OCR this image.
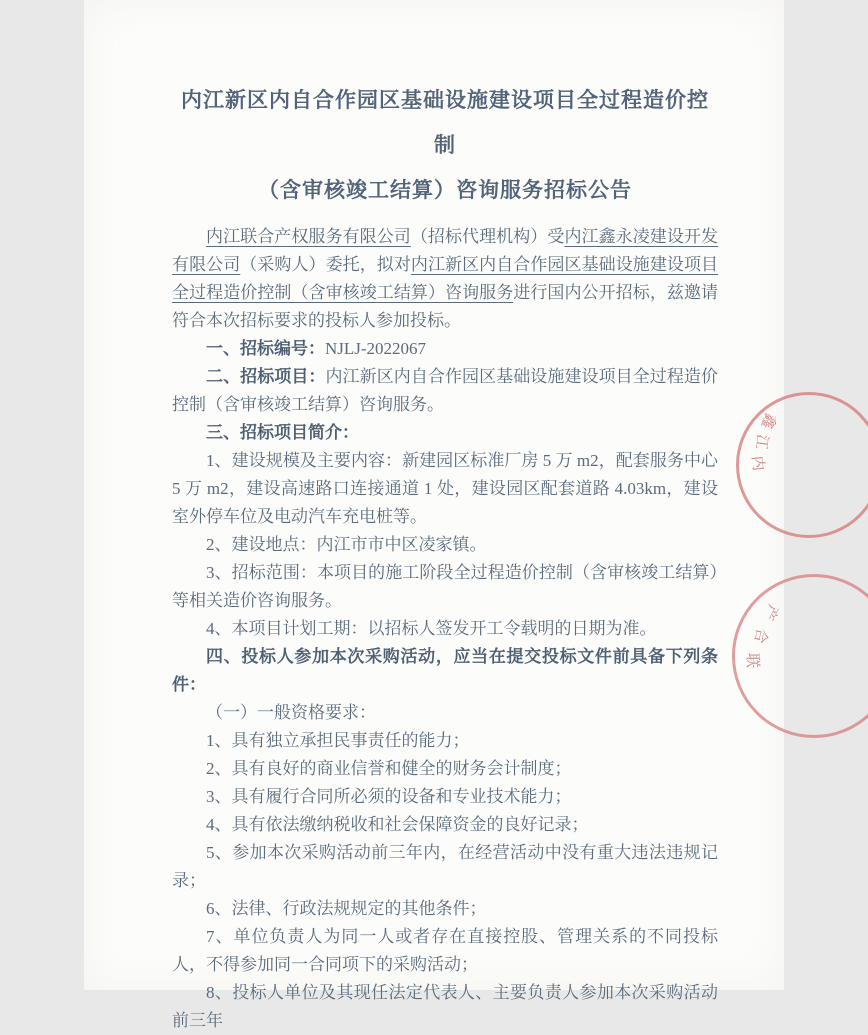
内江新区内自合作园区基础设施建设项目全过程造价控制
（含审核竣工结算）咨询服务招标公告

内江联合产权服务有限公司（招标代理机构）受内江鑫永凌建设开发有限公司（采购人）委托，拟对内江新区内自合作园区基础设施建设项目全过程造价控制（含审核竣工结算）咨询服务进行国内公开招标，兹邀请符合本次招标要求的投标人参加投标。

一、招标编号：NJLJ-2022067

二、招标项目：内江新区内自合作园区基础设施建设项目全过程造价控制（含审核竣工结算）咨询服务。

三、招标项目简介：

1、建设规模及主要内容：新建园区标准厂房 5 万 m2，配套服务中心 5 万 m2，建设高速路口连接通道 1 处，建设园区配套道路 4.03km，建设室外停车位及电动汽车充电桩等。

2、建设地点：内江市市中区凌家镇。

3、招标范围：本项目的施工阶段全过程造价控制（含审核竣工结算）等相关造价咨询服务。

4、本项目计划工期：以招标人签发开工令载明的日期为准。

四、投标人参加本次采购活动，应当在提交投标文件前具备下列条件：

（一）一般资格要求：

1、具有独立承担民事责任的能力；

2、具有良好的商业信誉和健全的财务会计制度；

3、具有履行合同所必须的设备和专业技术能力；

4、具有依法缴纳税收和社会保障资金的良好记录；

5、参加本次采购活动前三年内，在经营活动中没有重大违法违规记录；

6、法律、行政法规规定的其他条件；

7、单位负责人为同一人或者存在直接控股、管理关系的不同投标人，不得参加同一合同项下的采购活动；

8、投标人单位及其现任法定代表人、主要负责人参加本次采购活动前三年

鑫
江
内
产
合
联
